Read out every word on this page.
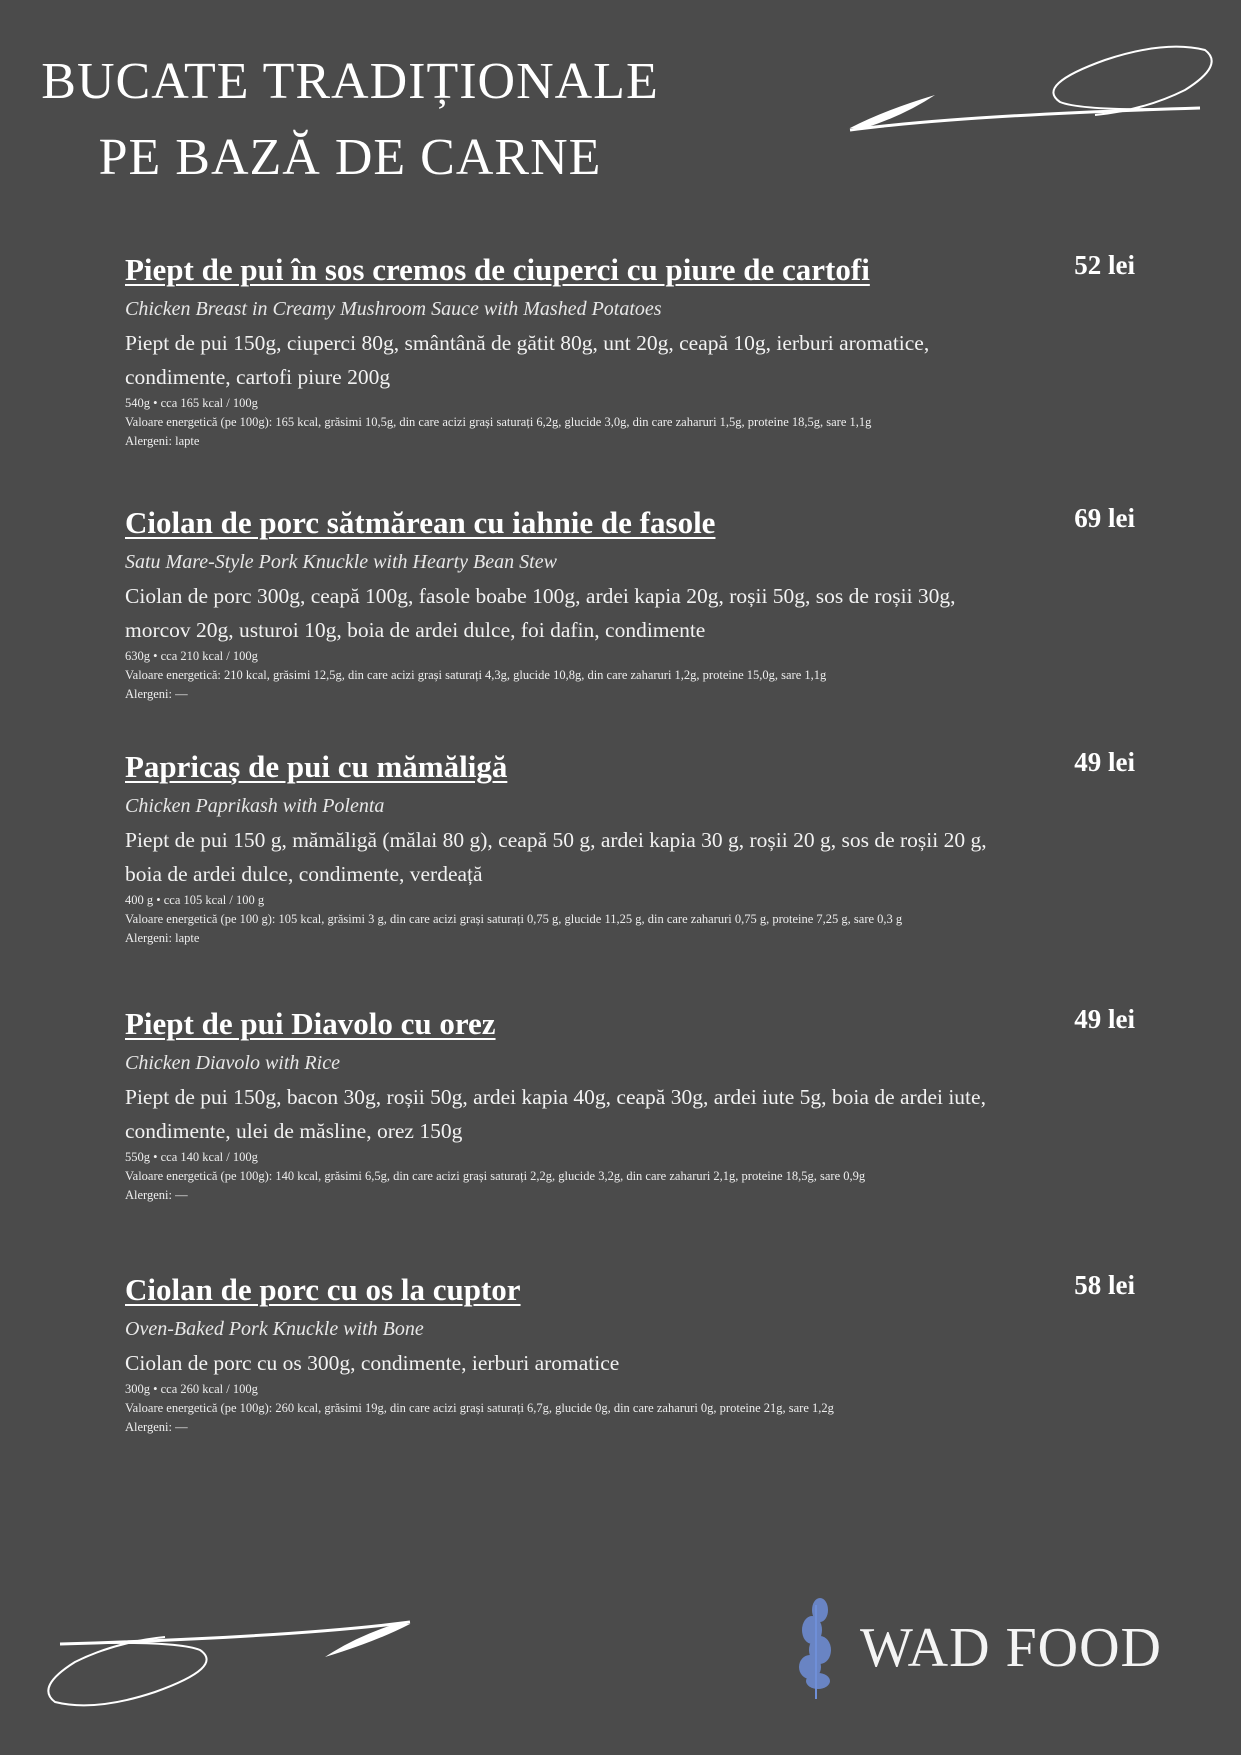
BUCATE TRADIȚIONALE
PE BAZĂ DE CARNE
Piept de pui în sos cremos de ciuperci cu piure de cartofi	52 lei
Chicken Breast in Creamy Mushroom Sauce with Mashed Potatoes
Piept de pui 150g, ciuperci 80g, smântână de gătit 80g, unt 20g, ceapă 10g, ierburi aromatice, condimente, cartofi piure 200g
540g • cca 165 kcal / 100g
Valoare energetică (pe 100g): 165 kcal, grăsimi 10,5g, din care acizi grași saturați 6,2g, glucide 3,0g, din care zaharuri 1,5g, proteine 18,5g, sare 1,1g
Alergeni: lapte
Ciolan de porc sătmărean cu iahnie de fasole	69 lei
Satu Mare-Style Pork Knuckle with Hearty Bean Stew
Ciolan de porc 300g, ceapă 100g, fasole boabe 100g, ardei kapia 20g, roșii 50g, sos de roșii 30g, morcov 20g, usturoi 10g, boia de ardei dulce, foi dafin, condimente
630g • cca 210 kcal / 100g
Valoare energetică: 210 kcal, grăsimi 12,5g, din care acizi grași saturați 4,3g, glucide 10,8g, din care zaharuri 1,2g, proteine 15,0g, sare 1,1g
Alergeni: —
Papricaș de pui cu mămăligă	49 lei
Chicken Paprikash with Polenta
Piept de pui 150 g, mămăligă (mălai 80 g), ceapă 50 g, ardei kapia 30 g, roșii 20 g, sos de roșii 20 g, boia de ardei dulce, condimente, verdeață
400 g • cca 105 kcal / 100 g
Valoare energetică (pe 100 g): 105 kcal, grăsimi 3 g, din care acizi grași saturați 0,75 g, glucide 11,25 g, din care zaharuri 0,75 g, proteine 7,25 g, sare 0,3 g
Alergeni: lapte
Piept de pui Diavolo cu orez	49 lei
Chicken Diavolo with Rice
Piept de pui 150g, bacon 30g, roșii 50g, ardei kapia 40g, ceapă 30g, ardei iute 5g, boia de ardei iute, condimente, ulei de măsline, orez 150g
550g • cca 140 kcal / 100g
Valoare energetică (pe 100g): 140 kcal, grăsimi 6,5g, din care acizi grași saturați 2,2g, glucide 3,2g, din care zaharuri 2,1g, proteine 18,5g, sare 0,9g
Alergeni: —
Ciolan de porc cu os la cuptor	58 lei
Oven-Baked Pork Knuckle with Bone
Ciolan de porc cu os 300g, condimente, ierburi aromatice
300g • cca 260 kcal / 100g
Valoare energetică (pe 100g): 260 kcal, grăsimi 19g, din care acizi grași saturați 6,7g, glucide 0g, din care zaharuri 0g, proteine 21g, sare 1,2g
Alergeni: —
WAD FOOD
